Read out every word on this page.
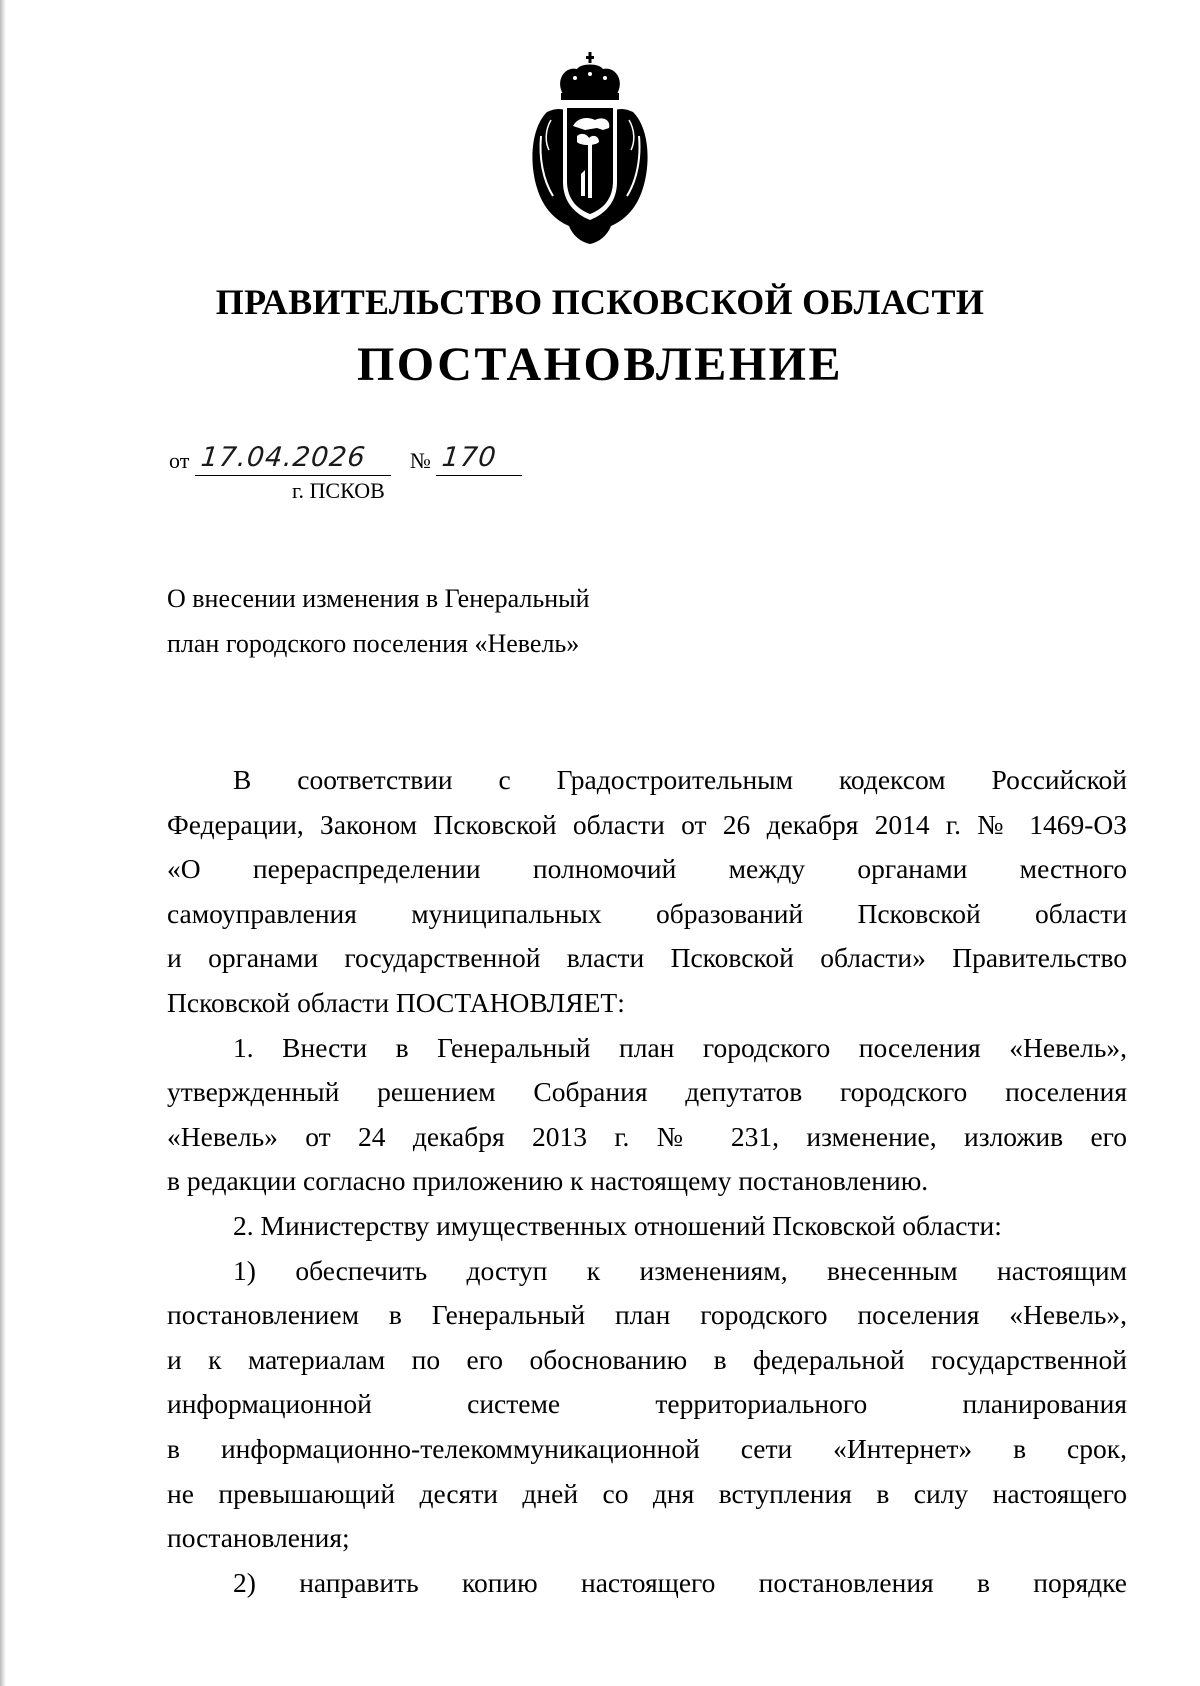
ПРАВИТЕЛЬСТВО ПСКОВСКОЙ ОБЛАСТИ
ПОСТАНОВЛЕНИЕ
от 17.04.2026 № 170
г. ПСКОВ
О внесении изменения в Генеральный
план городского поселения «Невель»
В соответствии с Градостроительным кодексом Российской
Федерации, Законом Псковской области от 26 декабря 2014 г. № 1469-ОЗ
«О перераспределении полномочий между органами местного
самоуправления муниципальных образований Псковской области
и органами государственной власти Псковской области» Правительство
Псковской области ПОСТАНОВЛЯЕТ:
1. Внести в Генеральный план городского поселения «Невель»,
утвержденный решением Собрания депутатов городского поселения
«Невель» от 24 декабря 2013 г. № 231, изменение, изложив его
в редакции согласно приложению к настоящему постановлению.
2. Министерству имущественных отношений Псковской области:
1) обеспечить доступ к изменениям, внесенным настоящим
постановлением в Генеральный план городского поселения «Невель»,
и к материалам по его обоснованию в федеральной государственной
информационной системе территориального планирования
в информационно-телекоммуникационной сети «Интернет» в срок,
не превышающий десяти дней со дня вступления в силу настоящего
постановления;
2) направить копию настоящего постановления в порядке
